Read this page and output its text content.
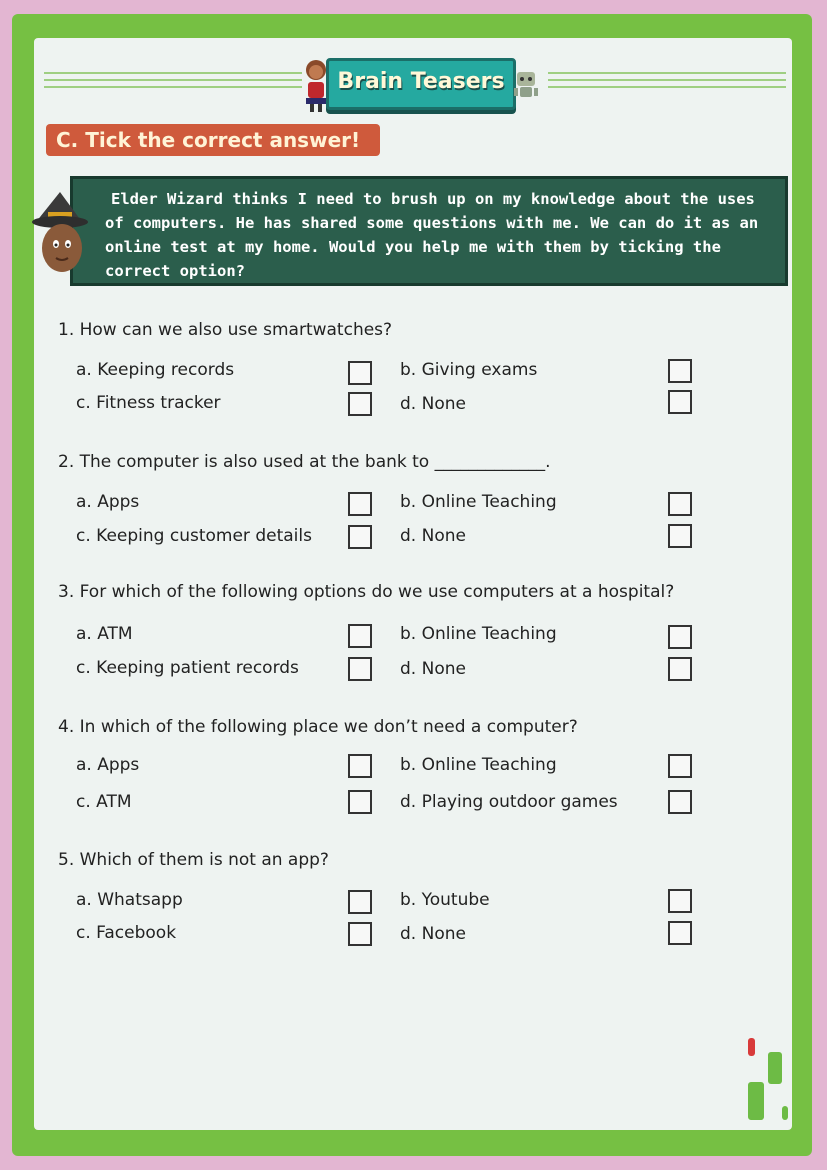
Brain Teasers
C. Tick the correct answer!
Elder Wizard thinks I need to brush up on my knowledge about the uses of computers. He has shared some questions with me. We can do it as an online test at my home. Would you help me with them by ticking the correct option?
1. How can we also use smartwatches?
a. Keeping records	b. Giving exams
c. Fitness tracker	d. None
2. The computer is also used at the bank to _____________.
a. Apps	b. Online Teaching
c. Keeping customer details	d. None
3. For which of the following options do we use computers at a hospital?
a. ATM	b. Online Teaching
c. Keeping patient records	d. None
4. In which of the following place we don’t need a computer?
a. Apps	b. Online Teaching
c. ATM	d. Playing outdoor games
5. Which of them is not an app?
a. Whatsapp	b. Youtube
c. Facebook	d. None
